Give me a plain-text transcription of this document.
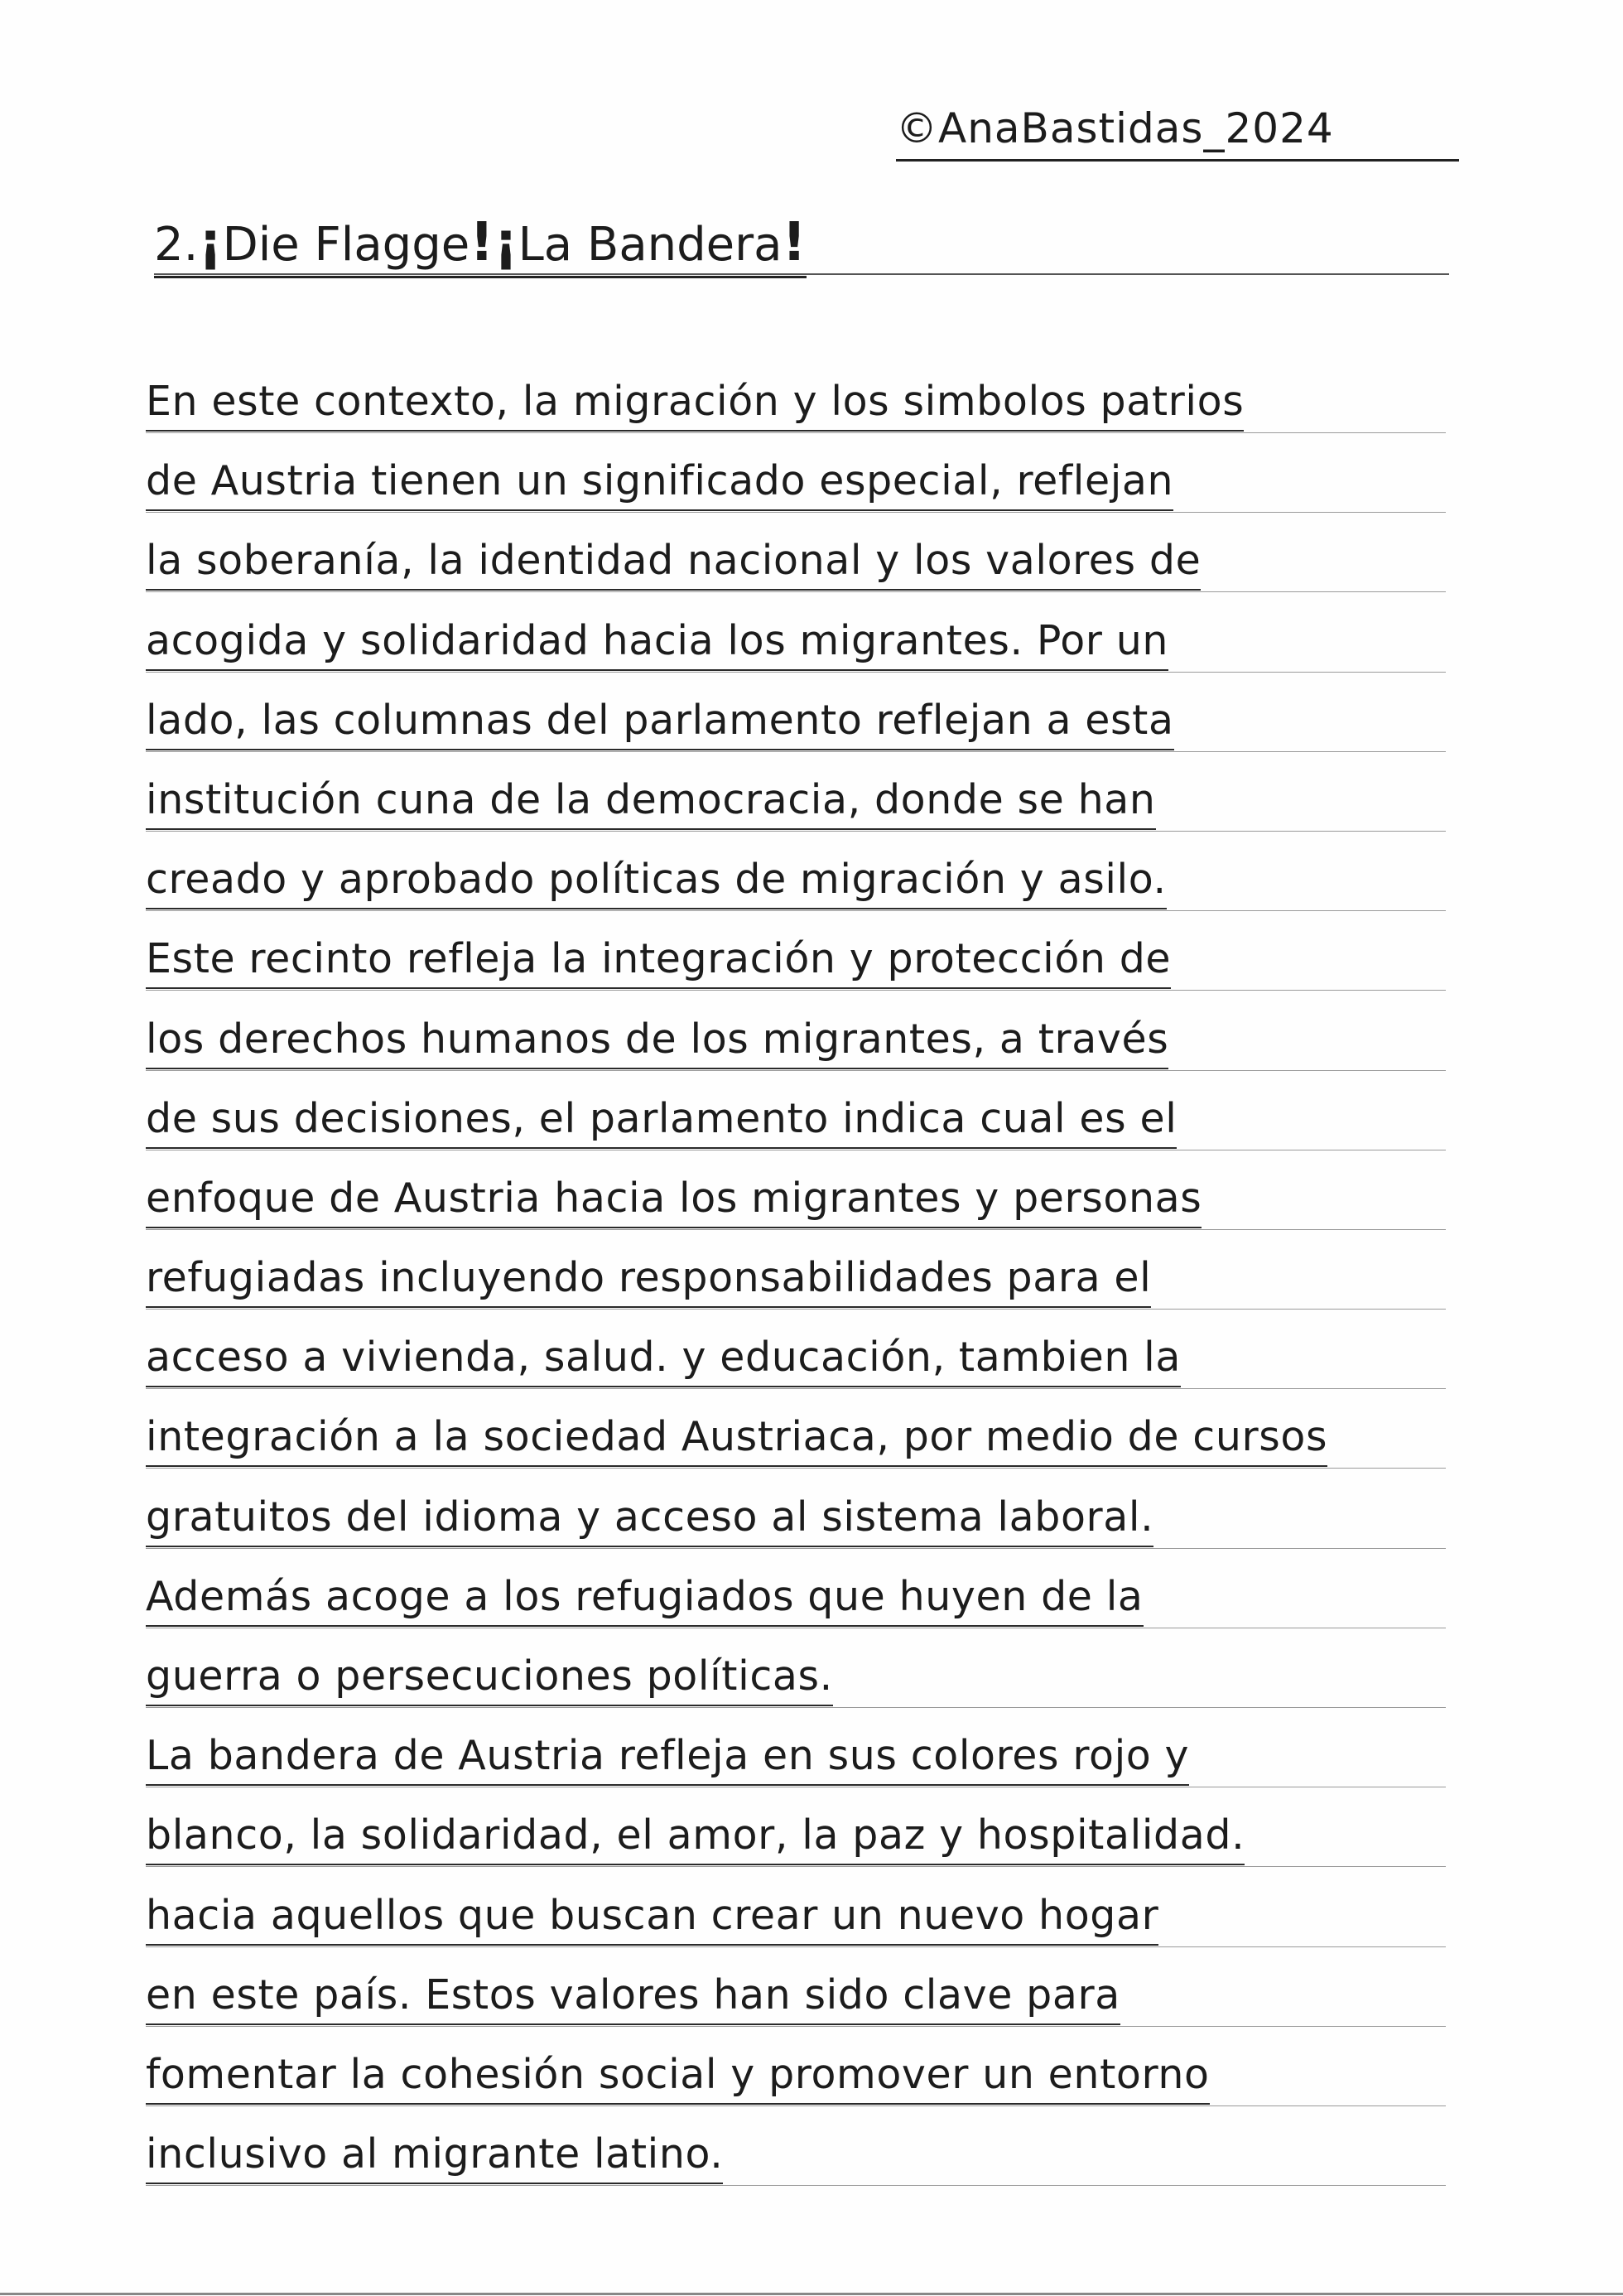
©AnaBastidas_2024
2.¡Die Flagge!¡La Bandera!
En este contexto, la migración y los simbolos patrios
de Austria tienen un significado especial, reflejan
la soberanía, la identidad nacional y los valores de
acogida y solidaridad hacia los migrantes. Por un
lado, las columnas del parlamento reflejan a esta
institución cuna de la democracia, donde se han
creado y aprobado políticas de migración y asilo.
Este recinto refleja la integración y protección de
los derechos humanos de los migrantes, a través
de sus decisiones, el parlamento indica cual es el
enfoque de Austria hacia los migrantes y personas
refugiadas incluyendo responsabilidades para el
acceso a vivienda, salud. y educación, tambien la
integración a la sociedad Austriaca, por medio de cursos
gratuitos del idioma y acceso al sistema laboral.
Además acoge a los refugiados que huyen de la
guerra o persecuciones políticas.
La bandera de Austria refleja en sus colores rojo y
blanco, la solidaridad, el amor, la paz y hospitalidad.
hacia aquellos que buscan crear un nuevo hogar
en este país. Estos valores han sido clave para
fomentar la cohesión social y promover un entorno
inclusivo al migrante latino.
